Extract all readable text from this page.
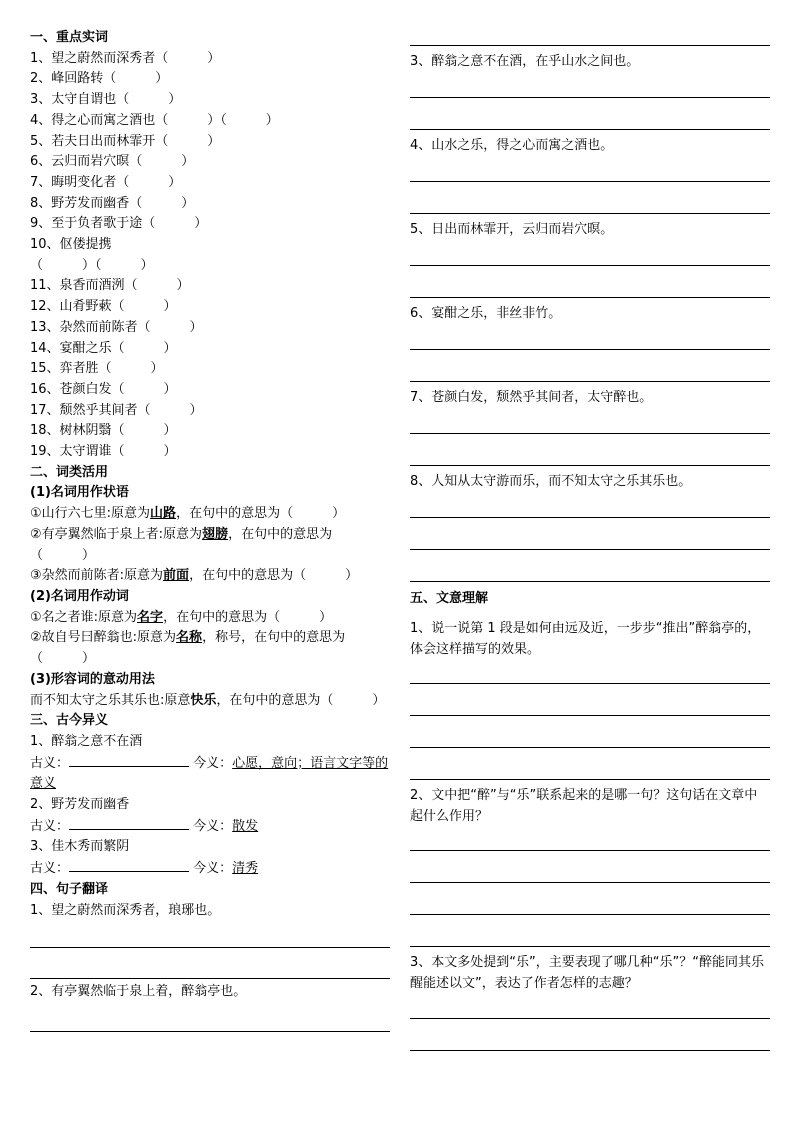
一、重点实词
1、望之蔚然而深秀者（　　　）
2、峰回路转（　　　）
3、太守自谓也（　　　）
4、得之心而寓之酒也（　　　）（　　　）
5、若夫日出而林霏开（　　　）
6、云归而岩穴暝（　　　）
7、晦明变化者（　　　）
8、野芳发而幽香（　　　）
9、至于负者歌于途（　　　）
10、伛偻提携
（　　　）（　　　）
11、泉香而酒洌（　　　）
12、山肴野蔌（　　　）
13、杂然而前陈者（　　　）
14、宴酣之乐（　　　）
15、弈者胜（　　　）
16、苍颜白发（　　　）
17、颓然乎其间者（　　　）
18、树林阴翳（　　　）
19、太守谓谁（　　　）
二、词类活用
(1)名词用作状语
①山行六七里:原意为山路，在句中的意思为（　　　）
②有亭翼然临于泉上者:原意为翅膀，在句中的意思为（　　　）
③杂然而前陈者:原意为前面，在句中的意思为（　　　）
(2)名词用作动词
①名之者谁:原意为名字，在句中的意思为（　　　）
②故自号曰醉翁也:原意为名称，称号，在句中的意思为（　　　）
(3)形容词的意动用法
而不知太守之乐其乐也:原意快乐，在句中的意思为（　　　）
三、古今异义
1、醉翁之意不在酒
古义：	今义：心愿，意向；语言文字等的意义
2、野芳发而幽香
古义：	今义：散发
3、佳木秀而繁阴
古义：	今义：清秀
四、句子翻译
1、望之蔚然而深秀者，琅琊也。
2、有亭翼然临于泉上着，醉翁亭也。
3、醉翁之意不在酒，在乎山水之间也。
4、山水之乐，得之心而寓之酒也。
5、日出而林霏开，云归而岩穴暝。
6、宴酣之乐，非丝非竹。
7、苍颜白发，颓然乎其间者，太守醉也。
8、人知从太守游而乐，而不知太守之乐其乐也。
五、文意理解
1、说一说第 1 段是如何由远及近，一步步“推出”醉翁亭的，体会这样描写的效果。
2、文中把“醉”与“乐”联系起来的是哪一句？这句话在文章中起什么作用？
3、本文多处提到“乐”，主要表现了哪几种“乐”？“醉能同其乐醒能述以文”，表达了作者怎样的志趣？
